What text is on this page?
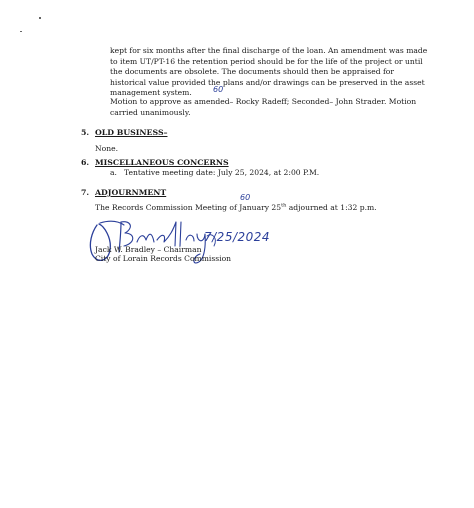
kept for six months after the final discharge of the loan. An amendment was made to item UT/PT-16 the retention period should be for the life of the project or until the documents are obsolete. The documents should then be appraised for historical value provided the plans and/or drawings can be preserved in the asset management system.

Motion to approve as amended– Rocky Radeff; Seconded– John Strader. Motion carried unanimously.

60
5. OLD BUSINESS–

None.

6. MISCELLANEOUS CONCERNS

a. Tentative meeting date: July 25, 2024, at 2:00 P.M.

7. ADJOURNMENT
60

The Records Commission Meeting of January 25th adjourned at 1:32 p.m.

7/25/2024

Jack W. Bradley – Chairman

City of Lorain Records Commission
